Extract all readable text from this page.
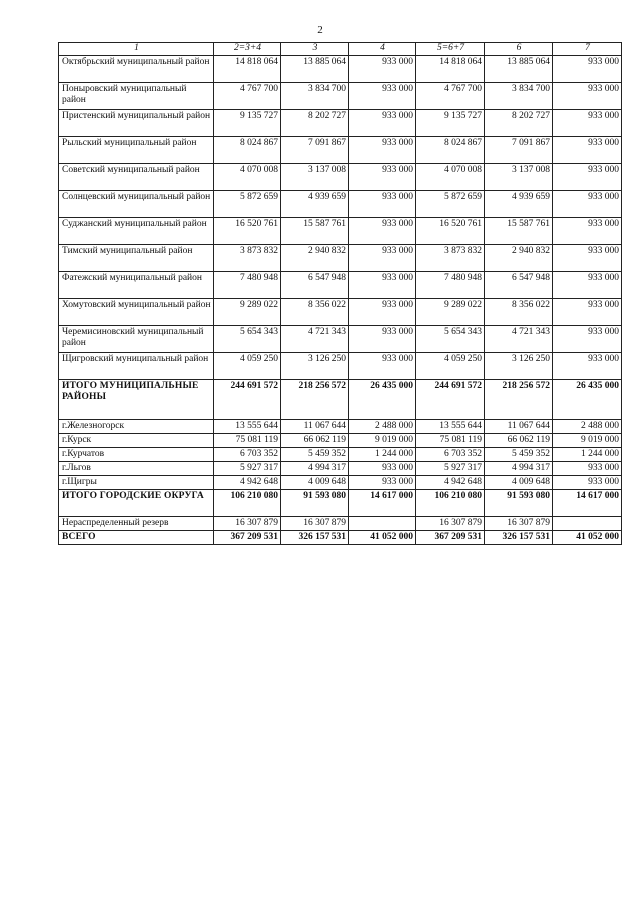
2
1	2=3+4	3	4	5=6+7	6	7
Октябрьский муниципальный район	14 818 064	13 885 064	933 000	14 818 064	13 885 064	933 000
Поныровский муниципальный район	4 767 700	3 834 700	933 000	4 767 700	3 834 700	933 000
Пристенский муниципальный район	9 135 727	8 202 727	933 000	9 135 727	8 202 727	933 000
Рыльский муниципальный район	8 024 867	7 091 867	933 000	8 024 867	7 091 867	933 000
Советский муниципальный район	4 070 008	3 137 008	933 000	4 070 008	3 137 008	933 000
Солнцевский муниципальный район	5 872 659	4 939 659	933 000	5 872 659	4 939 659	933 000
Суджанский муниципальный район	16 520 761	15 587 761	933 000	16 520 761	15 587 761	933 000
Тимский муниципальный район	3 873 832	2 940 832	933 000	3 873 832	2 940 832	933 000
Фатежский муниципальный район	7 480 948	6 547 948	933 000	7 480 948	6 547 948	933 000
Хомутовский муниципальный район	9 289 022	8 356 022	933 000	9 289 022	8 356 022	933 000
Черемисиновский муниципальный район	5 654 343	4 721 343	933 000	5 654 343	4 721 343	933 000
Щигровский муниципальный район	4 059 250	3 126 250	933 000	4 059 250	3 126 250	933 000
ИТОГО МУНИЦИПАЛЬНЫЕ РАЙОНЫ	244 691 572	218 256 572	26 435 000	244 691 572	218 256 572	26 435 000
г.Железногорск	13 555 644	11 067 644	2 488 000	13 555 644	11 067 644	2 488 000
г.Курск	75 081 119	66 062 119	9 019 000	75 081 119	66 062 119	9 019 000
г.Курчатов	6 703 352	5 459 352	1 244 000	6 703 352	5 459 352	1 244 000
г.Льгов	5 927 317	4 994 317	933 000	5 927 317	4 994 317	933 000
г.Щигры	4 942 648	4 009 648	933 000	4 942 648	4 009 648	933 000
ИТОГО ГОРОДСКИЕ ОКРУГА	106 210 080	91 593 080	14 617 000	106 210 080	91 593 080	14 617 000
Нераспределенный резерв	16 307 879	16 307 879		16 307 879	16 307 879	
ВСЕГО	367 209 531	326 157 531	41 052 000	367 209 531	326 157 531	41 052 000
